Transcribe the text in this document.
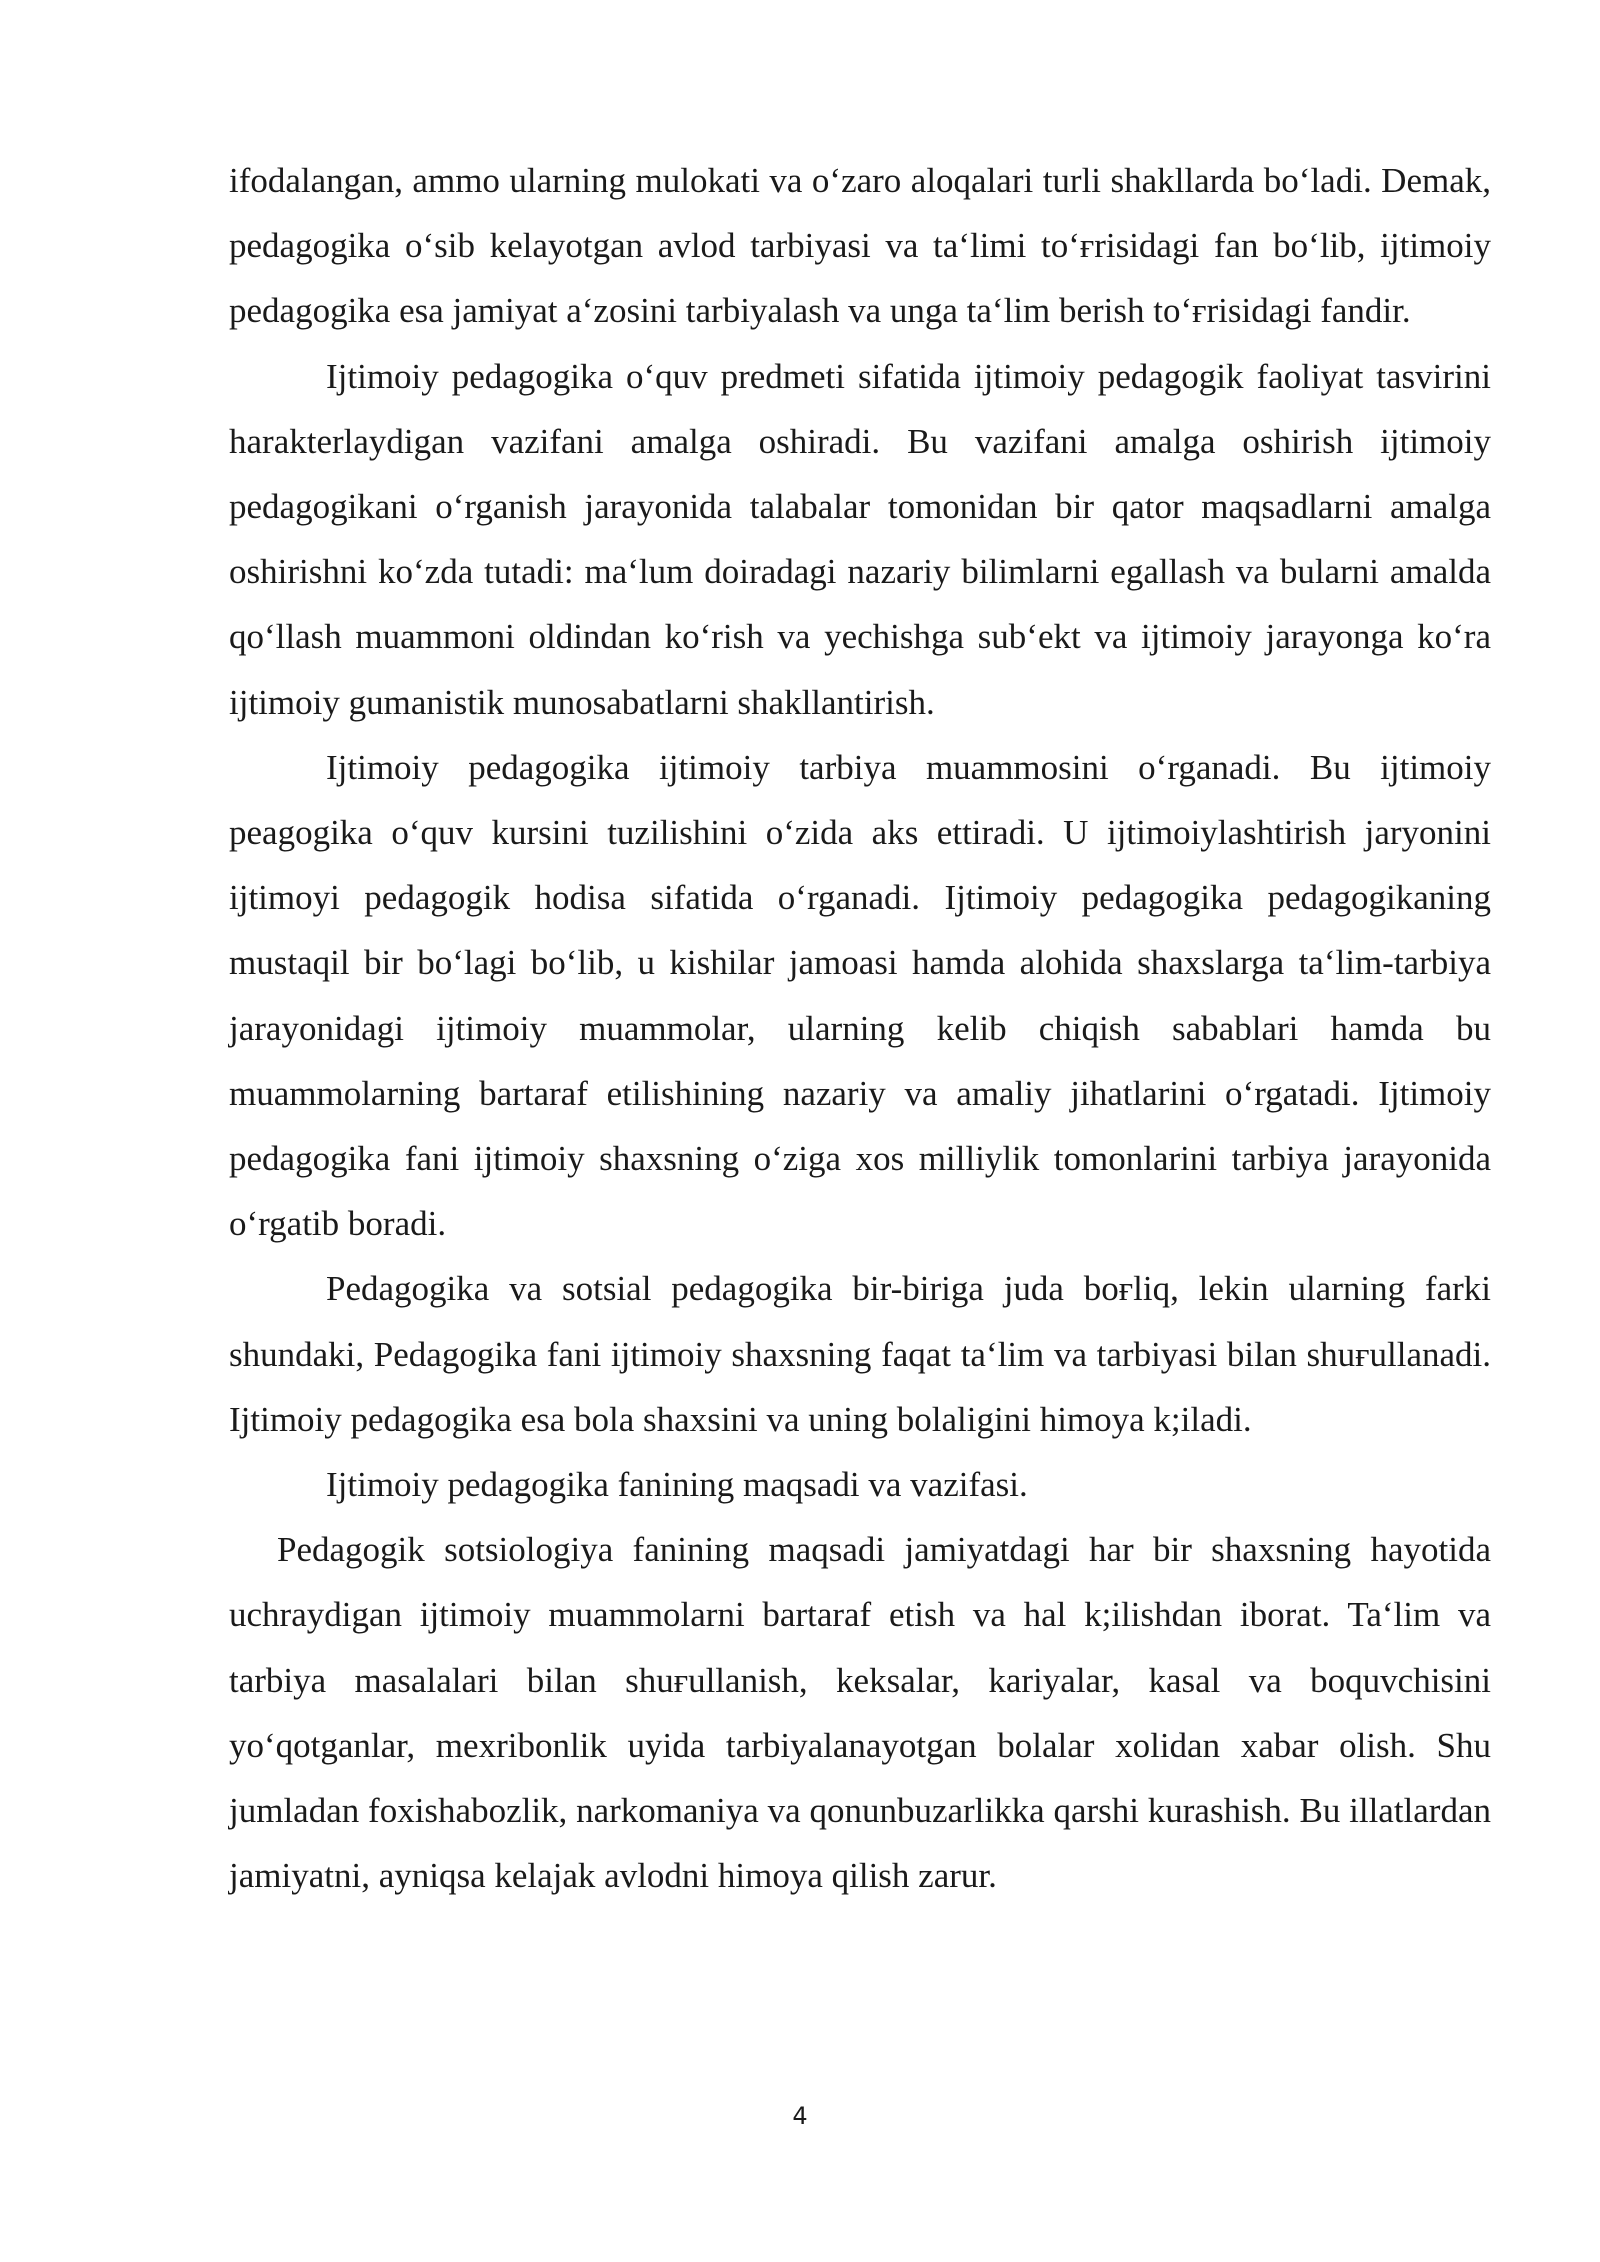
ifodalangan, ammo ularning mulokati va o‘zaro aloqalari turli shakllarda bo‘ladi. Demak, pedagogika o‘sib kelayotgan avlod tarbiyasi va ta‘limi to‘ғrisidagi fan bo‘lib, ijtimoiy pedagogika esa jamiyat a‘zosini tarbiyalash va unga ta‘lim berish to‘ғrisidagi fandir.

Ijtimoiy pedagogika o‘quv predmeti sifatida ijtimoiy pedagogik faoliyat tasvirini harakterlaydigan vazifani amalga oshiradi. Bu vazifani amalga oshirish ijtimoiy pedagogikani o‘rganish jarayonida talabalar tomonidan bir qator maqsadlarni amalga oshirishni ko‘zda tutadi: ma‘lum doiradagi nazariy bilimlarni egallash va bularni amalda qo‘llash muammoni oldindan ko‘rish va yechishga sub‘ekt va ijtimoiy jarayonga ko‘ra ijtimoiy gumanistik munosabatlarni shakllantirish.

Ijtimoiy pedagogika ijtimoiy tarbiya muammosini o‘rganadi. Bu ijtimoiy peagogika o‘quv kursini tuzilishini o‘zida aks ettiradi. U ijtimoiylashtirish jaryonini ijtimoyi pedagogik hodisa sifatida o‘rganadi. Ijtimoiy pedagogika pedagogikaning mustaqil bir bo‘lagi bo‘lib, u kishilar jamoasi hamda alohida shaxslarga ta‘lim-tarbiya jarayonidagi ijtimoiy muammolar, ularning kelib chiqish sabablari hamda bu muammolarning bartaraf etilishining nazariy va amaliy jihatlarini o‘rgatadi. Ijtimoiy pedagogika fani ijtimoiy shaxsning o‘ziga xos milliylik tomonlarini tarbiya jarayonida o‘rgatib boradi.

Pedagogika va sotsial pedagogika bir-biriga juda boғliq, lekin ularning farki shundaki, Pedagogika fani ijtimoiy shaxsning faqat ta‘lim va tarbiyasi bilan shuғullanadi. Ijtimoiy pedagogika esa bola shaxsini va uning bolaligini himoya k;iladi.

Ijtimoiy pedagogika fanining maqsadi va vazifasi.

Pedagogik sotsiologiya fanining maqsadi jamiyatdagi har bir shaxsning hayotida uchraydigan ijtimoiy muammolarni bartaraf etish va hal k;ilishdan iborat. Ta‘lim va tarbiya masalalari bilan shuғullanish, keksalar, kariyalar, kasal va boquvchisini yo‘qotganlar, mexribonlik uyida tarbiyalanayotgan bolalar xolidan xabar olish. Shu jumladan foxishabozlik, narkomaniya va qonunbuzarlikka qarshi kurashish. Bu illatlardan jamiyatni, ayniqsa kelajak avlodni himoya qilish zarur.

4
